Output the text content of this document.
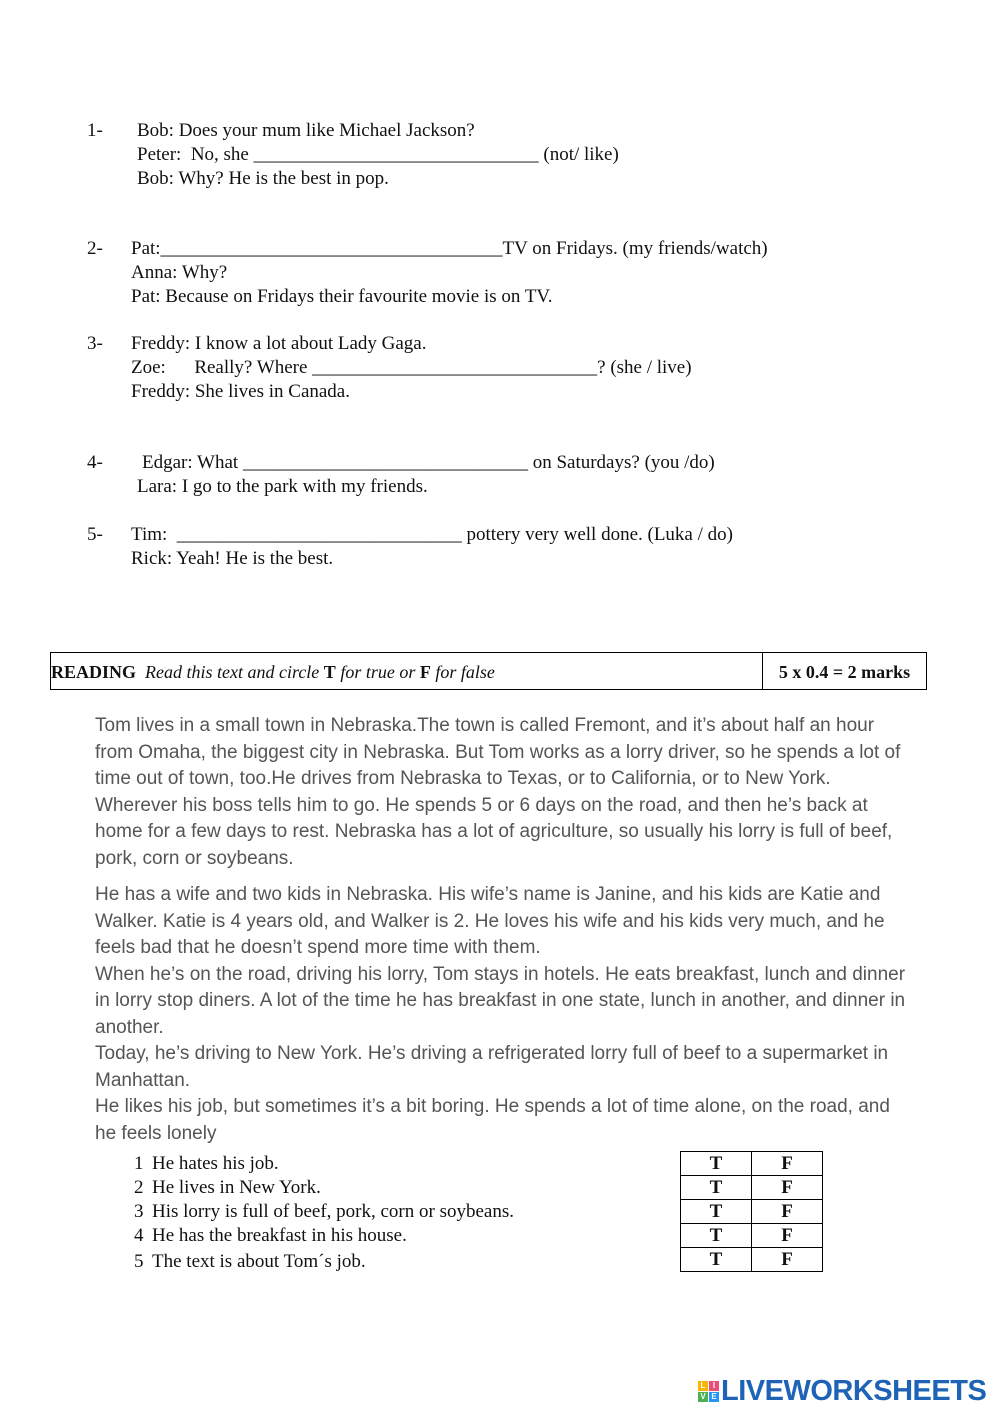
1- Bob: Does your mum like Michael Jackson?
Peter:  No, she ______________________________ (not/ like)
Bob: Why? He is the best in pop.
2- Pat:____________________________________TV on Fridays. (my friends/watch)
Anna: Why?
Pat: Because on Fridays their favourite movie is on TV.
3- Freddy: I know a lot about Lady Gaga.
Zoe:      Really? Where ______________________________? (she / live)
Freddy: She lives in Canada.
4- Edgar: What ______________________________ on Saturdays? (you /do)
Lara: I go to the park with my friends.
5- Tim:  ______________________________ pottery very well done. (Luka / do)
Rick: Yeah! He is the best.
READING Read this text and circle T for true or F for false	5 x 0.4 = 2 marks

Tom lives in a small town in Nebraska.The town is called Fremont, and it’s about half an hour from Omaha, the biggest city in Nebraska. But Tom works as a lorry driver, so he spends a lot of time out of town, too.He drives from Nebraska to Texas, or to California, or to New York. Wherever his boss tells him to go. He spends 5 or 6 days on the road, and then he’s back at home for a few days to rest. Nebraska has a lot of agriculture, so usually his lorry is full of beef, pork, corn or soybeans.

He has a wife and two kids in Nebraska. His wife’s name is Janine, and his kids are Katie and Walker. Katie is 4 years old, and Walker is 2. He loves his wife and his kids very much, and he feels bad that he doesn’t spend more time with them.

When he’s on the road, driving his lorry, Tom stays in hotels. He eats breakfast, lunch and dinner in lorry stop diners. A lot of the time he has breakfast in one state, lunch in another, and dinner in another.

Today, he’s driving to New York. He’s driving a refrigerated lorry full of beef to a supermarket in Manhattan.

He likes his job, but sometimes it’s a bit boring. He spends a lot of time alone, on the road, and he feels lonely

1 He hates his job.
2 He lives in New York.
3 His lorry is full of beef, pork, corn or soybeans.
4 He has the breakfast in his house.
5 The text is about Tom´s job.
T	F
T	F
T	F
T	F
T	F
L I
V E LIVEWORKSHEETS
